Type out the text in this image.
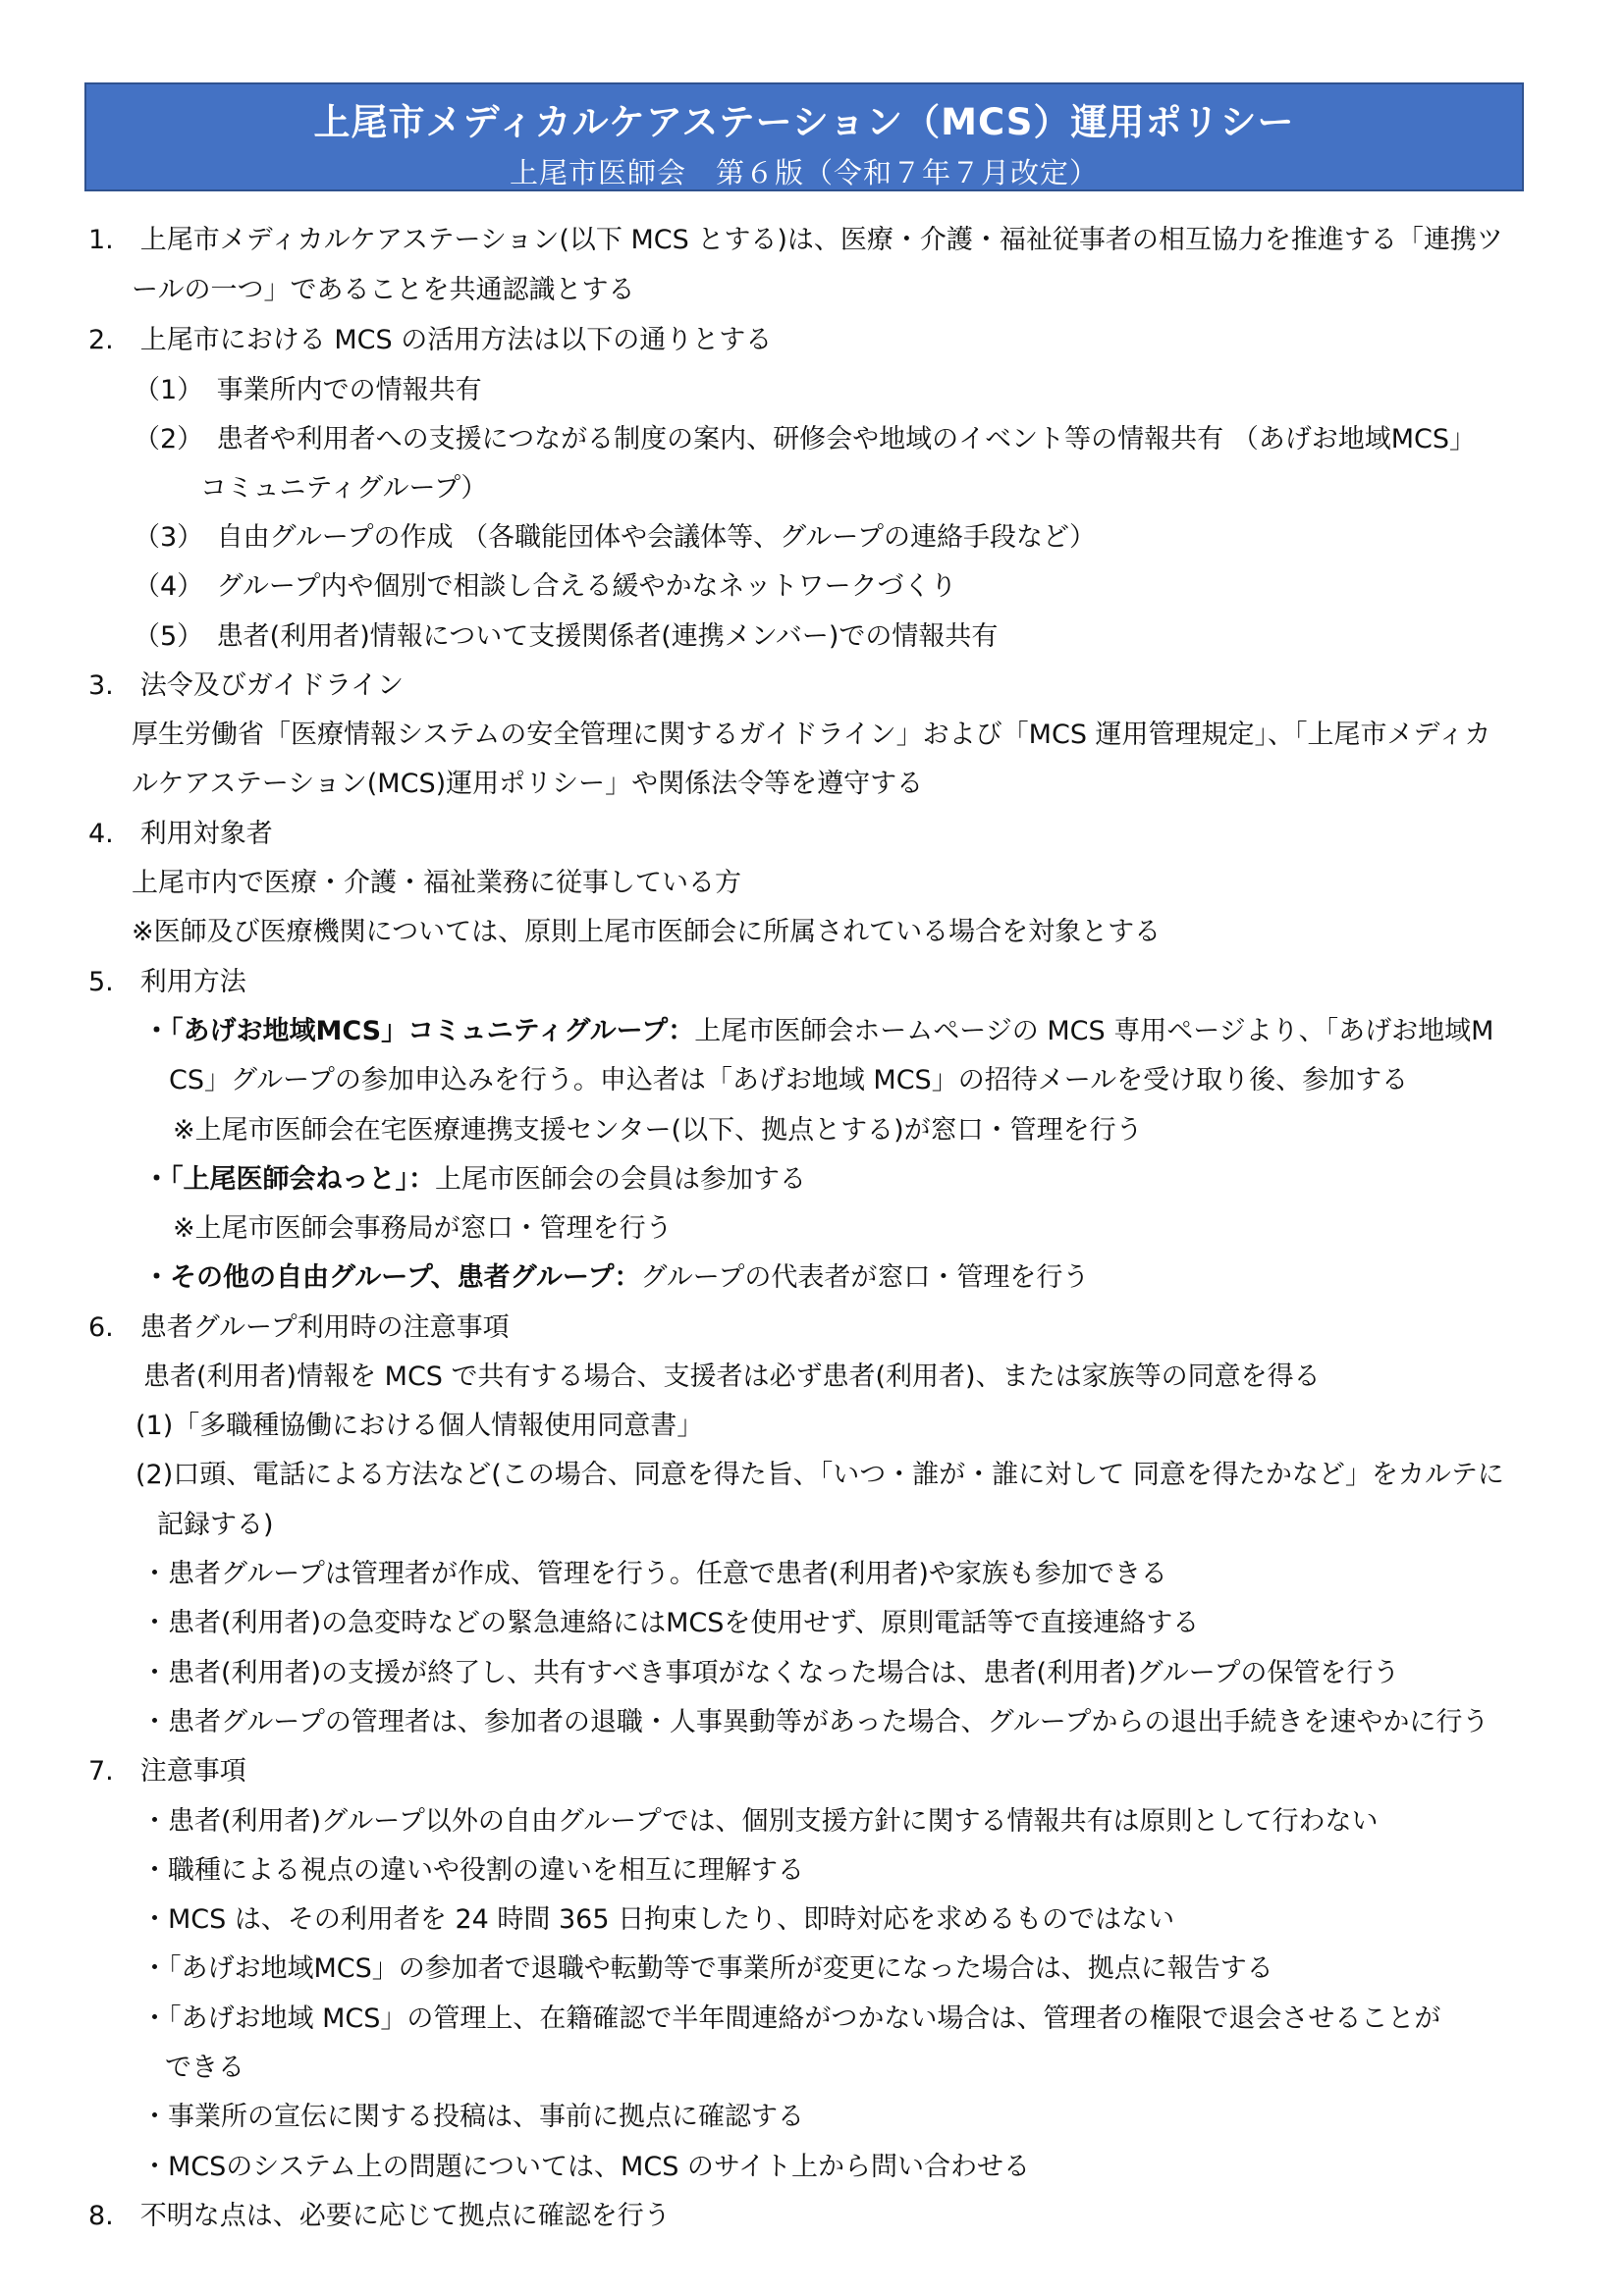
上尾市メディカルケアステーション（MCS）運用ポリシー
上尾市医師会　第６版（令和７年７月改定）
1.　上尾市メディカルケアステーション(以下 MCS とする)は、医療・介護・福祉従事者の相互協力を推進する「連携ツ
ールの一つ」であることを共通認識とする
2.　上尾市における MCS の活用方法は以下の通りとする
（1）　事業所内での情報共有
（2）　患者や利用者への支援につながる制度の案内、研修会や地域のイベント等の情報共有 （あげお地域MCS」
コミュニティグループ）
（3）　自由グループの作成 （各職能団体や会議体等、グループの連絡手段など）
（4）　グループ内や個別で相談し合える緩やかなネットワークづくり
（5）　患者(利用者)情報について支援関係者(連携メンバー)での情報共有
3.　法令及びガイドライン
厚生労働省「医療情報システムの安全管理に関するガイドライン」および「MCS 運用管理規定」、「上尾市メディカ
ルケアステーション(MCS)運用ポリシー」や関係法令等を遵守する
4.　利用対象者
上尾市内で医療・介護・福祉業務に従事している方
※医師及び医療機関については、原則上尾市医師会に所属されている場合を対象とする
5.　利用方法
・「あげお地域MCS」コミュニティグループ：上尾市医師会ホームページの MCS 専用ページより、「あげお地域M
CS」グループの参加申込みを行う。申込者は「あげお地域 MCS」の招待メールを受け取り後、参加する
※上尾市医師会在宅医療連携支援センター(以下、拠点とする)が窓口・管理を行う
・「上尾医師会ねっと」：上尾市医師会の会員は参加する
※上尾市医師会事務局が窓口・管理を行う
・その他の自由グループ、患者グループ：グループの代表者が窓口・管理を行う
6.　患者グループ利用時の注意事項
患者(利用者)情報を MCS で共有する場合、支援者は必ず患者(利用者)、または家族等の同意を得る
(1)「多職種協働における個人情報使用同意書」
(2)口頭、電話による方法など(この場合、同意を得た旨、「いつ・誰が・誰に対して 同意を得たかなど」をカルテに
記録する)
・患者グループは管理者が作成、管理を行う。任意で患者(利用者)や家族も参加できる
・患者(利用者)の急変時などの緊急連絡にはMCSを使用せず、原則電話等で直接連絡する
・患者(利用者)の支援が終了し、共有すべき事項がなくなった場合は、患者(利用者)グループの保管を行う
・患者グループの管理者は、参加者の退職・人事異動等があった場合、グループからの退出手続きを速やかに行う
7.　注意事項
・患者(利用者)グループ以外の自由グループでは、個別支援方針に関する情報共有は原則として行わない
・職種による視点の違いや役割の違いを相互に理解する
・MCS は、その利用者を 24 時間 365 日拘束したり、即時対応を求めるものではない
・「あげお地域MCS」の参加者で退職や転勤等で事業所が変更になった場合は、拠点に報告する
・「あげお地域 MCS」の管理上、在籍確認で半年間連絡がつかない場合は、管理者の権限で退会させることが
できる
・事業所の宣伝に関する投稿は、事前に拠点に確認する
・MCSのシステム上の問題については、MCS のサイト上から問い合わせる
8.　不明な点は、必要に応じて拠点に確認を行う
